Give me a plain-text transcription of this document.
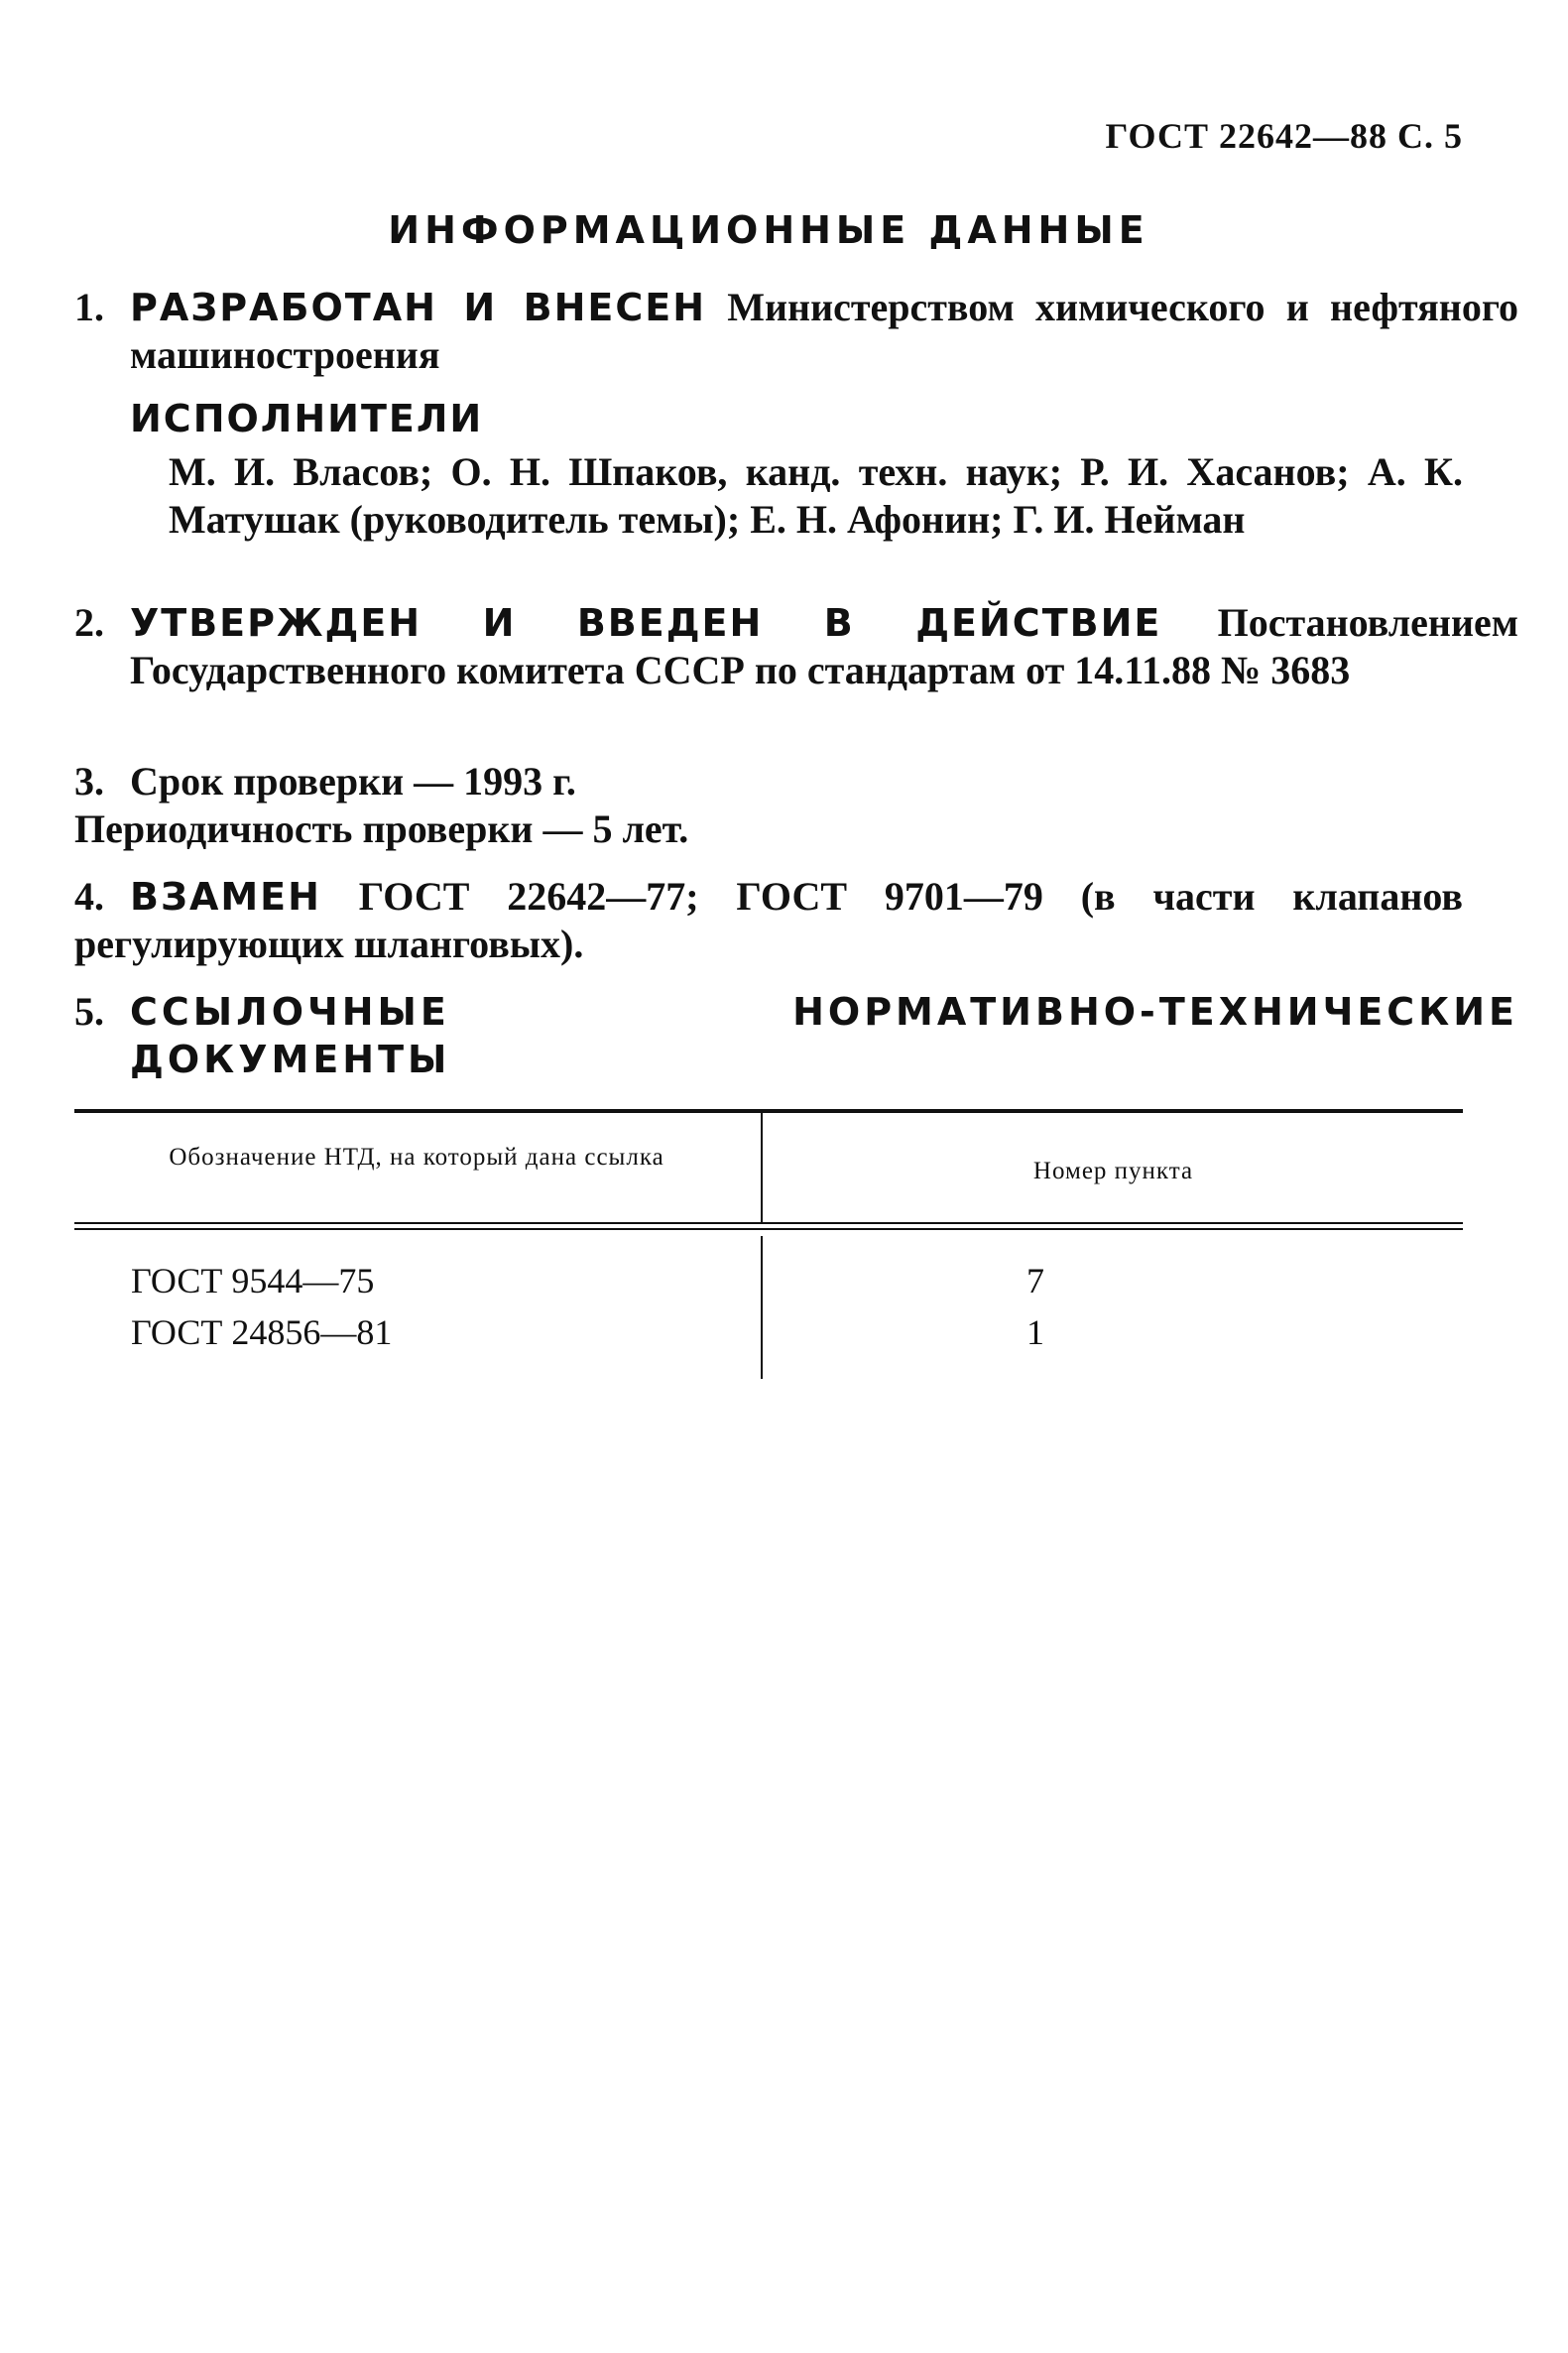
ГОСТ 22642—88 С. 5
ИНФОРМАЦИОННЫЕ ДАННЫЕ
1. РАЗРАБОТАН И ВНЕСЕН Министерством химического и нефтяного машиностроения
ИСПОЛНИТЕЛИ
М. И. Власов; О. Н. Шпаков, канд. техн. наук; Р. И. Хасанов; А. К. Матушак (руководитель темы); Е. Н. Афонин; Г. И. Нейман
2. УТВЕРЖДЕН И ВВЕДЕН В ДЕЙСТВИЕ Постановлением Государственного комитета СССР по стандартам от 14.11.88 № 3683
3. Срок проверки — 1993 г.
Периодичность проверки — 5 лет.
4. ВЗАМЕН ГОСТ 22642—77; ГОСТ 9701—79 (в части клапанов регулирующих шланговых).
5. ССЫЛОЧНЫЕ НОРМАТИВНО-ТЕХНИЧЕСКИЕ ДОКУМЕНТЫ
Обозначение НТД, на который дана ссылка
Номер пункта
ГОСТ 9544—75	7
ГОСТ 24856—81	1
